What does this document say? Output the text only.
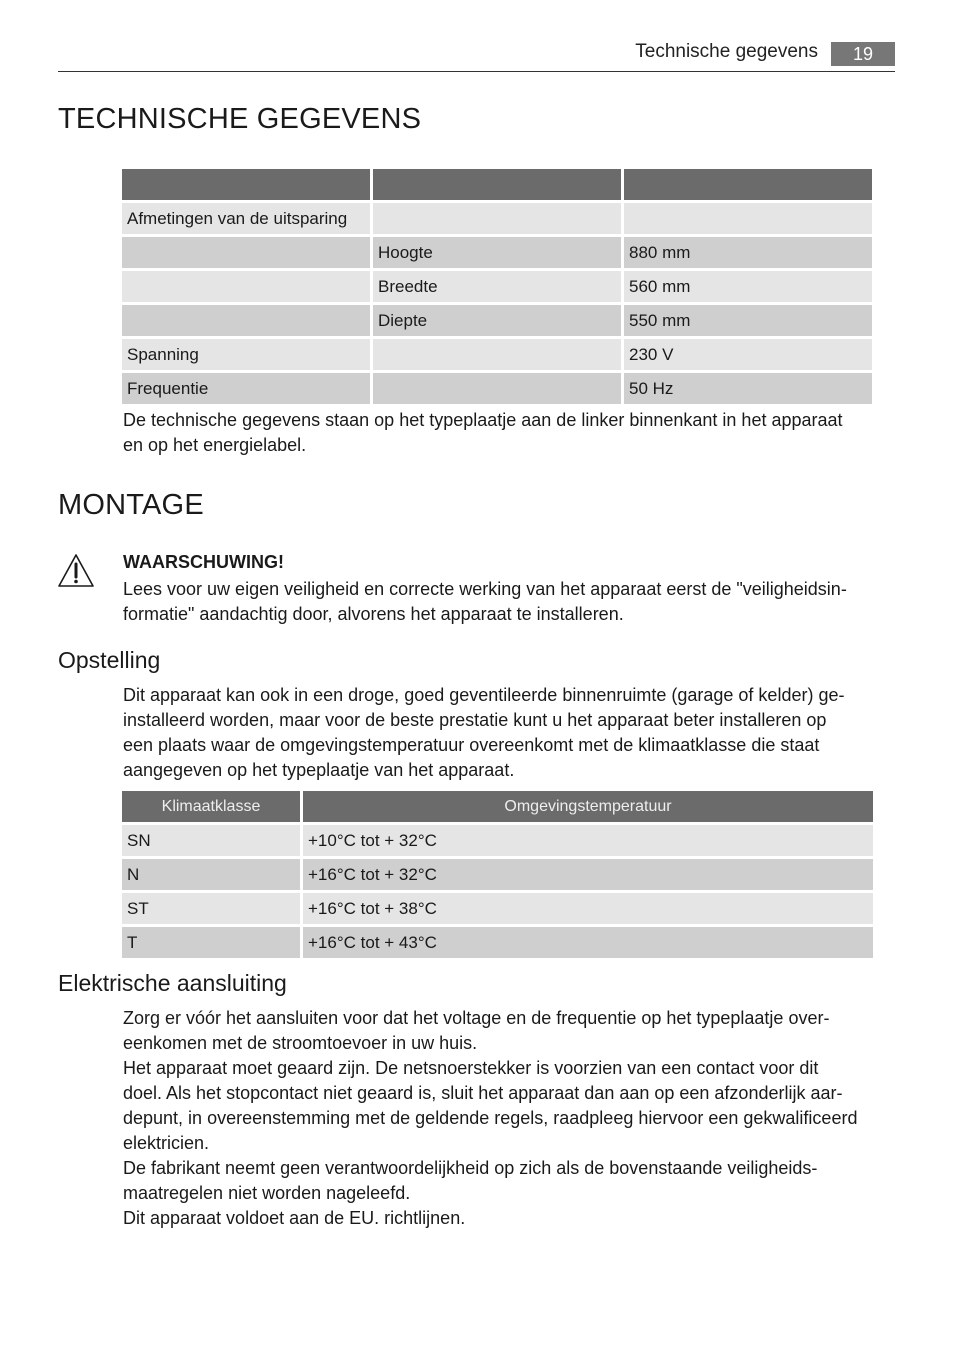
Technische gegevens	19
TECHNISCHE GEGEVENS

Afmetingen van de uitsparing		
	Hoogte	880 mm
	Breedte	560 mm
	Diepte	550 mm
Spanning		230 V
Frequentie		50 Hz
De technische gegevens staan op het typeplaatje aan de linker binnenkant in het apparaat
en op het energielabel.
MONTAGE
WAARSCHUWING!
Lees voor uw eigen veiligheid en correcte werking van het apparaat eerst de "veiligheidsin-
formatie" aandachtig door, alvorens het apparaat te installeren.
Opstelling
Dit apparaat kan ook in een droge, goed geventileerde binnenruimte (garage of kelder) ge-
installeerd worden, maar voor de beste prestatie kunt u het apparaat beter installeren op
een plaats waar de omgevingstemperatuur overeenkomt met de klimaatklasse die staat
aangegeven op het typeplaatje van het apparaat.
Klimaatklasse	Omgevingstemperatuur
SN	+10°C tot + 32°C
N	+16°C tot + 32°C
ST	+16°C tot + 38°C
T	+16°C tot + 43°C
Elektrische aansluiting
Zorg er vóór het aansluiten voor dat het voltage en de frequentie op het typeplaatje over-
eenkomen met de stroomtoevoer in uw huis.
Het apparaat moet geaard zijn. De netsnoerstekker is voorzien van een contact voor dit
doel. Als het stopcontact niet geaard is, sluit het apparaat dan aan op een afzonderlijk aar-
depunt, in overeenstemming met de geldende regels, raadpleeg hiervoor een gekwalificeerd
elektricien.
De fabrikant neemt geen verantwoordelijkheid op zich als de bovenstaande veiligheids-
maatregelen niet worden nageleefd.
Dit apparaat voldoet aan de EU. richtlijnen.
